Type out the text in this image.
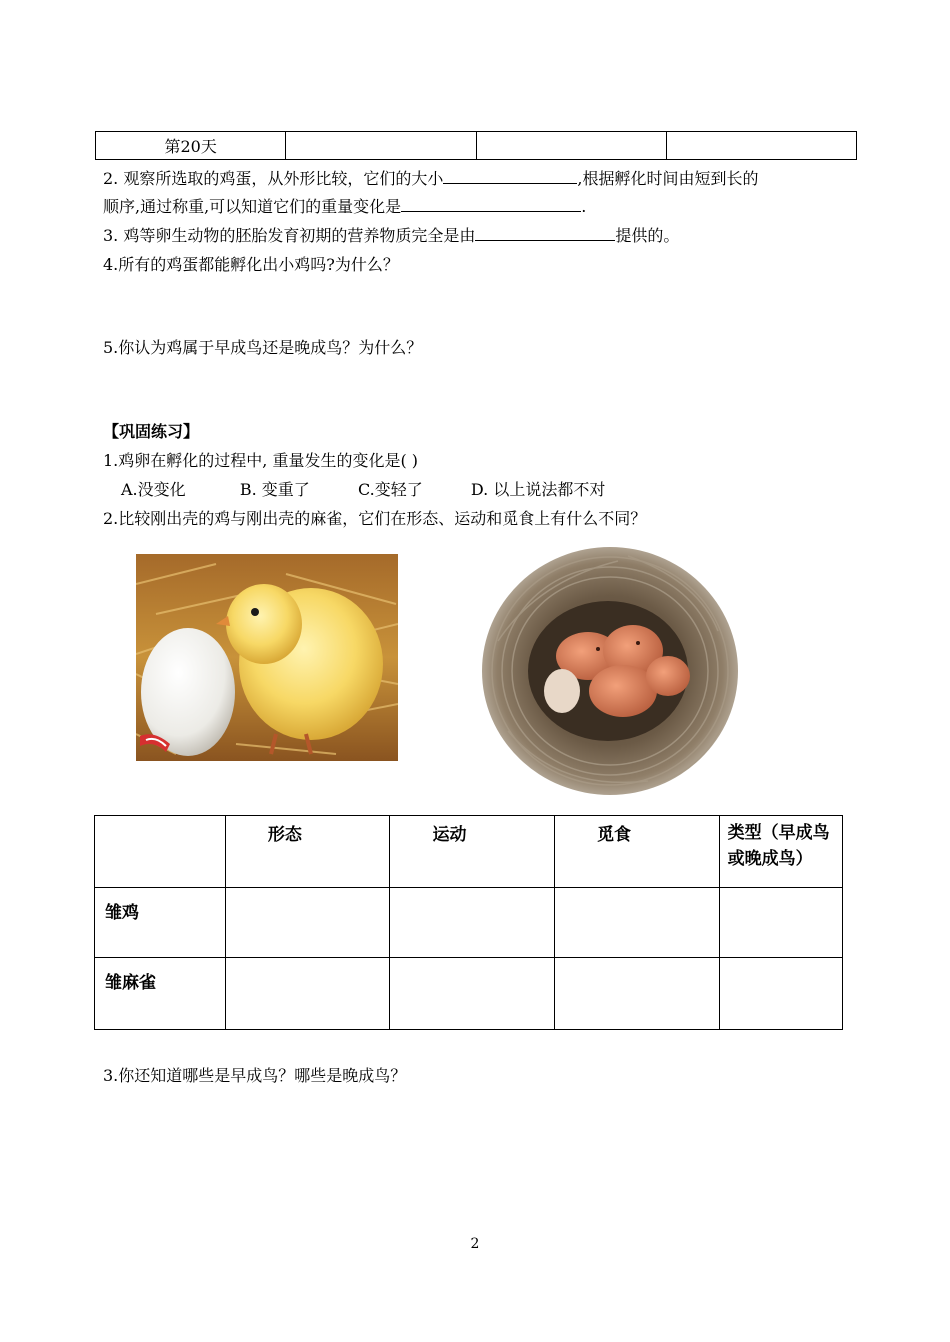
第20天			
2. 观察所选取的鸡蛋，从外形比较，它们的大小	,根据孵化时间由短到长的
顺序,通过称重,可以知道它们的重量变化是	.
3. 鸡等卵生动物的胚胎发育初期的营养物质完全是由	提供的。
4.所有的鸡蛋都能孵化出小鸡吗?为什么？
5.你认为鸡属于早成鸟还是晚成鸟？为什么？
【巩固练习】
1.鸡卵在孵化的过程中, 重量发生的变化是( )
A.没变化	B. 变重了	C.变轻了	D. 以上说法都不对
2.比较刚出壳的鸡与刚出壳的麻雀，它们在形态、运动和觅食上有什么不同？
	形态	运动	觅食	类型（早成鸟或晚成鸟）
雏鸡				
雏麻雀				
3.你还知道哪些是早成鸟？哪些是晚成鸟？
2
